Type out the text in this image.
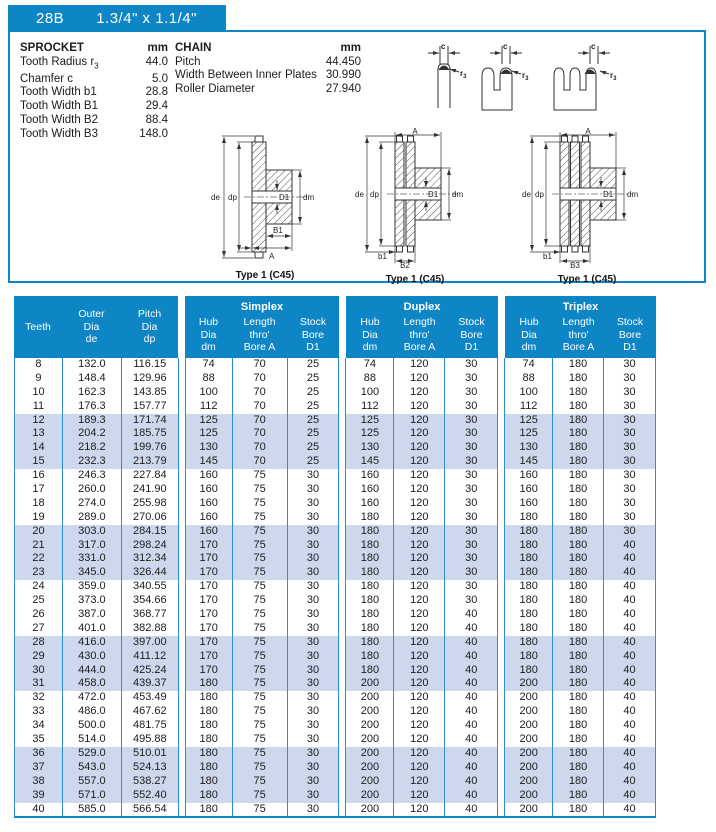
28B 1.3/4" x 1.1/4"
SPROCKET	mm
Tooth Radius $r_3$	44.0
Chamfer c	5.0
Tooth Width b1	28.8
Tooth Width B1	29.4
Tooth Width B2	88.4
Tooth Width B3	148.0
CHAIN	mm
Pitch	44.450
Width Between Inner Plates 30.990
Roller Diameter	27.940
c
$r_3$
c
$r_3$
c
$r_3$
de dp	D1 dm
B1
A
Type 1 (C45)
de dp	D1 dm
A
b1
B2
Type 1 (C45)
de dp	D1 dm
A
b1
B3
Type 1 (C45)
Teeth
Outer
Dia
de
Pitch
Dia
dp
Simplex
Hub
Dia
dm
Length
thro'
Bore A
Stock
Bore
D1
Duplex
Hub
Dia
dm
Length
thro'
Bore A
Stock
Bore
D1
Triplex
Hub
Dia
dm
Length
thro'
Bore A
Stock
Bore
D1
8	132.0	116.15	74	70	25	74	120	30	74	180	30
9	148.4	129.96	88	70	25	88	120	30	88	180	30
10	162.3	143.85	100	70	25	100	120	30	100	180	30
11	176.3	157.77	112	70	25	112	120	30	112	180	30
12	189.3	171.74	125	70	25	125	120	30	125	180	30
13	204.2	185.75	125	70	25	125	120	30	125	180	30
14	218.2	199.76	130	70	25	130	120	30	130	180	30
15	232.3	213.79	145	70	25	145	120	30	145	180	30
16	246.3	227.84	160	75	30	160	120	30	160	180	30
17	260.0	241.90	160	75	30	160	120	30	160	180	30
18	274.0	255.98	160	75	30	160	120	30	160	180	30
19	289.0	270.06	160	75	30	180	120	30	180	180	30
20	303.0	284.15	160	75	30	180	120	30	180	180	30
21	317.0	298.24	170	75	30	180	120	30	180	180	40
22	331.0	312.34	170	75	30	180	120	30	180	180	40
23	345.0	326.44	170	75	30	180	120	30	180	180	40
24	359.0	340.55	170	75	30	180	120	30	180	180	40
25	373.0	354.66	170	75	30	180	120	30	180	180	40
26	387.0	368.77	170	75	30	180	120	40	180	180	40
27	401.0	382.88	170	75	30	180	120	40	180	180	40
28	416.0	397.00	170	75	30	180	120	40	180	180	40
29	430.0	411.12	170	75	30	180	120	40	180	180	40
30	444.0	425.24	170	75	30	180	120	40	180	180	40
31	458.0	439.37	180	75	30	200	120	40	200	180	40
32	472.0	453.49	180	75	30	200	120	40	200	180	40
33	486.0	467.62	180	75	30	200	120	40	200	180	40
34	500.0	481.75	180	75	30	200	120	40	200	180	40
35	514.0	495.88	180	75	30	200	120	40	200	180	40
36	529.0	510.01	180	75	30	200	120	40	200	180	40
37	543.0	524.13	180	75	30	200	120	40	200	180	40
38	557.0	538.27	180	75	30	200	120	40	200	180	40
39	571.0	552.40	180	75	30	200	120	40	200	180	40
40	585.0	566.54	180	75	30	200	120	40	200	180	40
